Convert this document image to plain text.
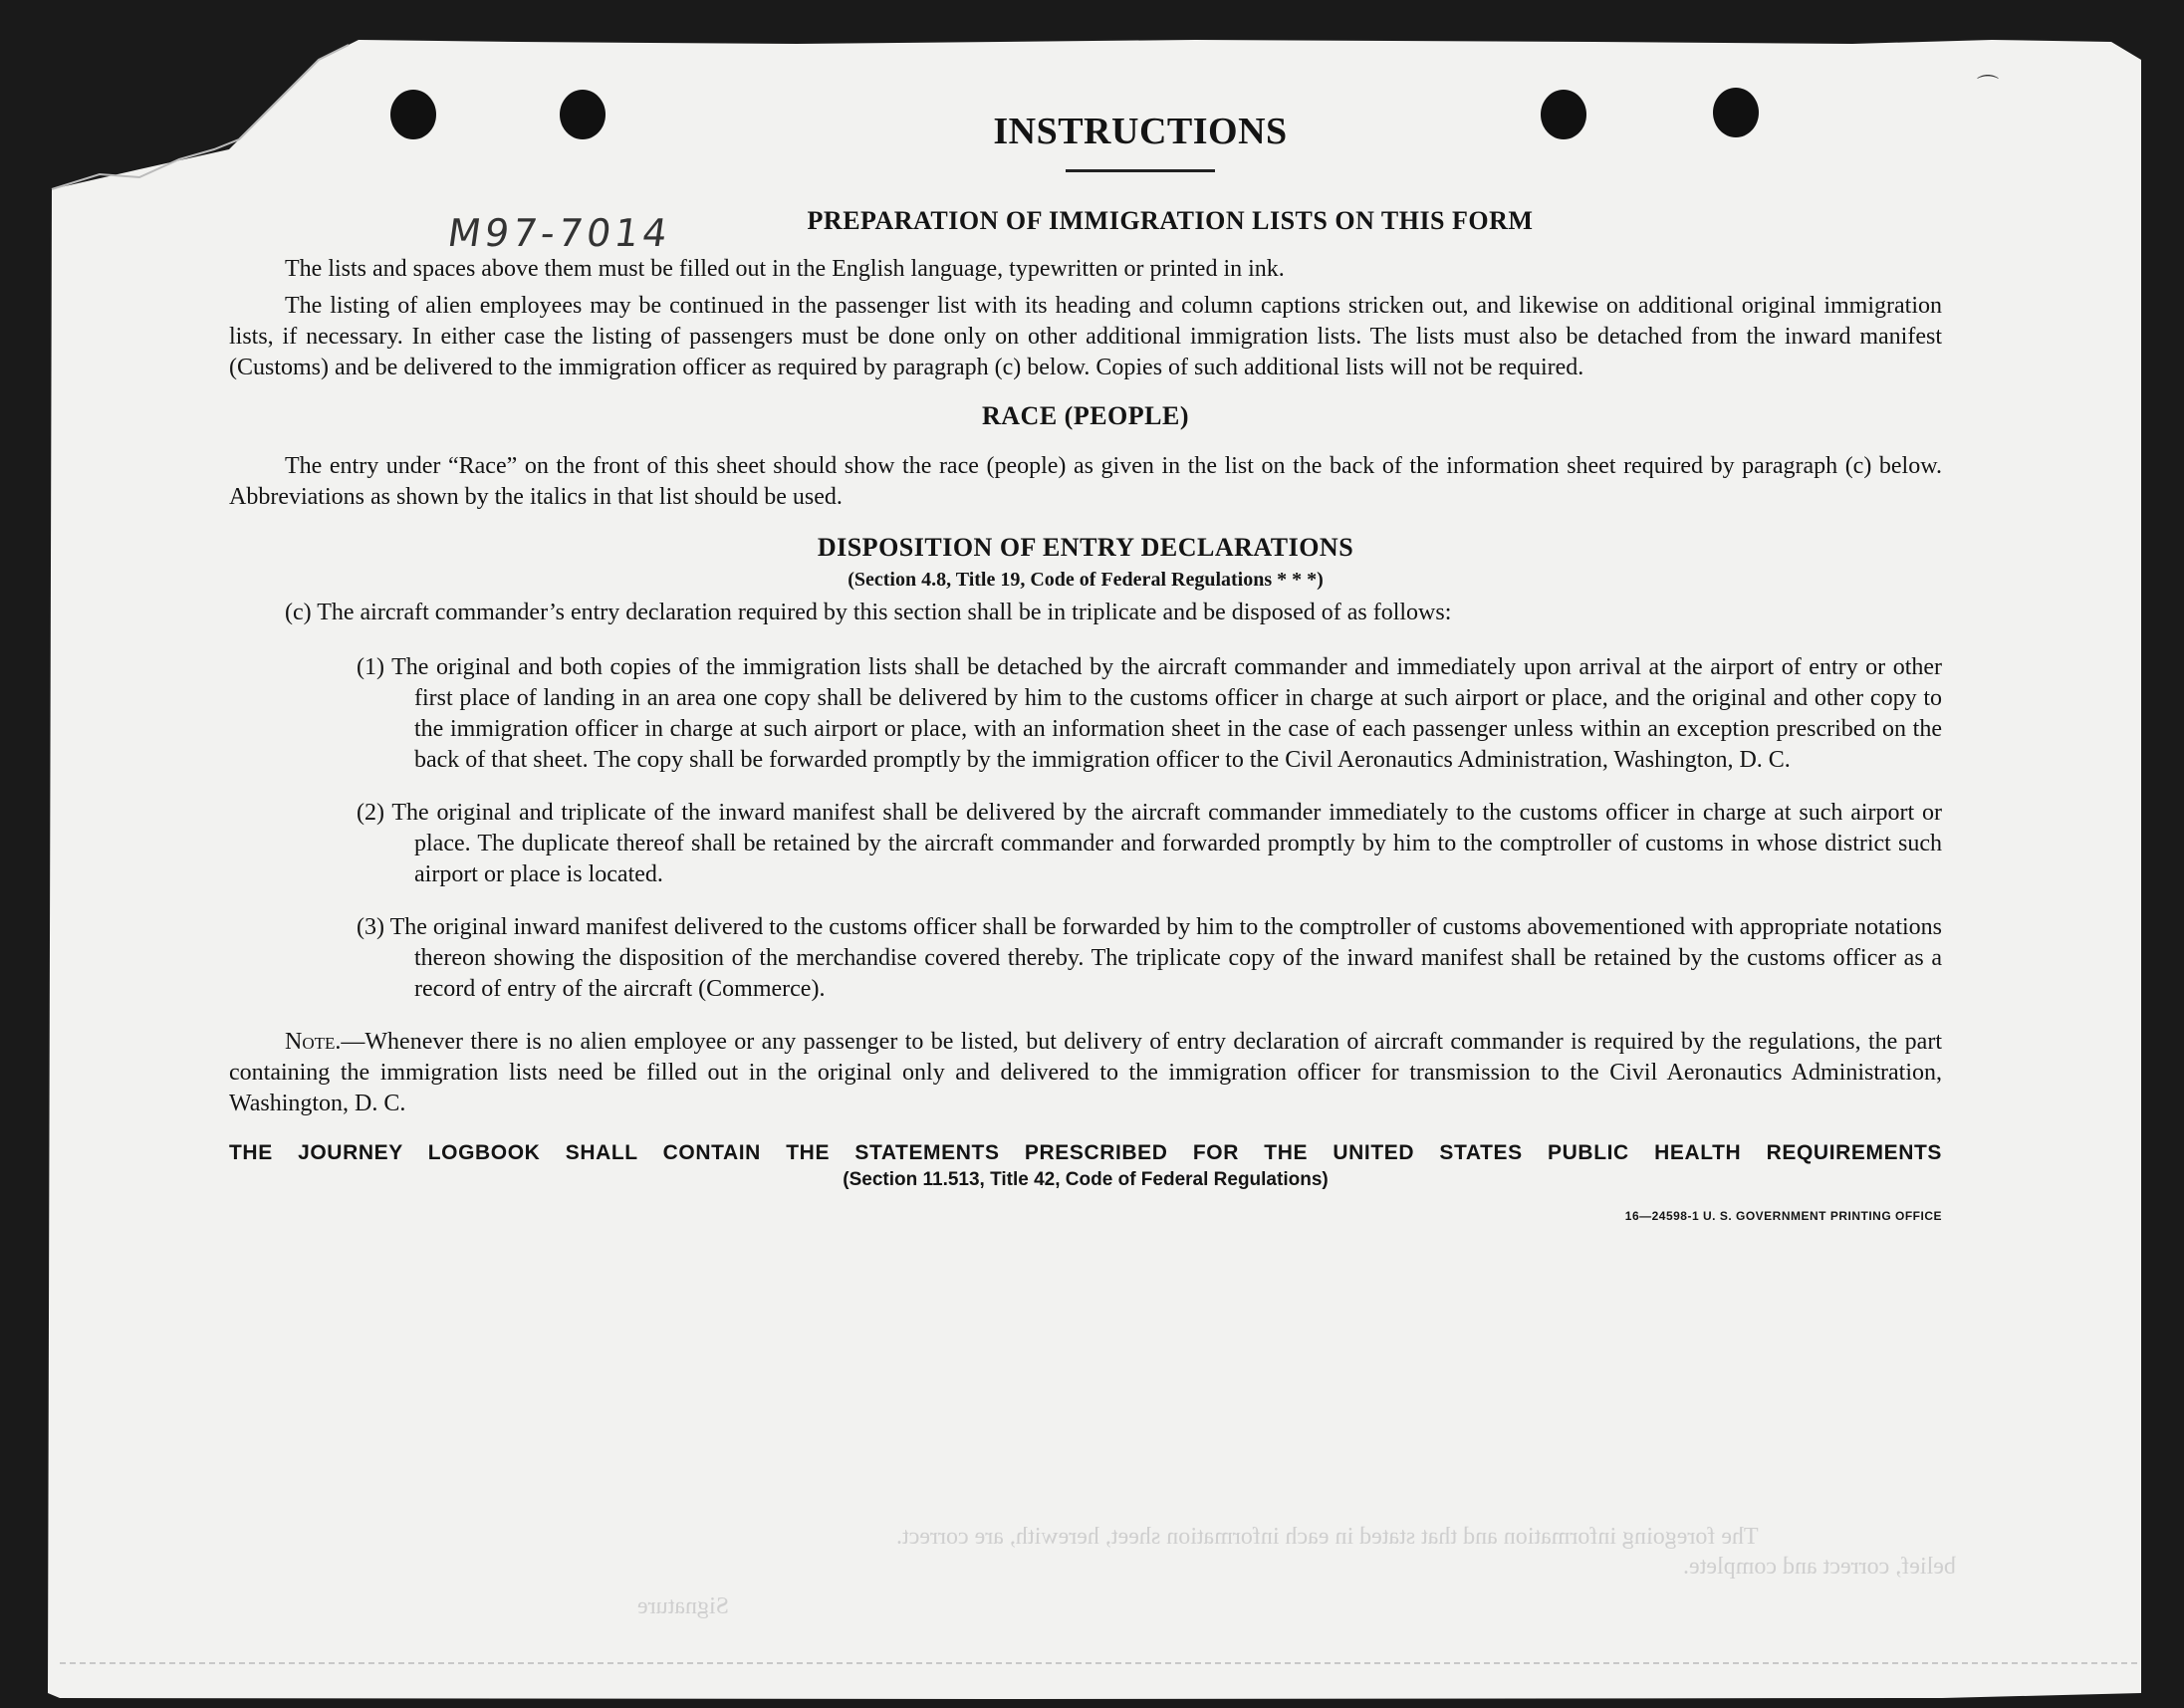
⌒
M97-7014
INSTRUCTIONS
PREPARATION OF IMMIGRATION LISTS ON THIS FORM

The lists and spaces above them must be filled out in the English language, typewritten or printed in ink.

The listing of alien employees may be continued in the passenger list with its heading and column captions stricken out, and likewise on additional original immigration lists, if necessary. In either case the listing of passengers must be done only on other additional immigration lists. The lists must also be detached from the inward manifest (Customs) and be delivered to the immigration officer as required by paragraph (c) below. Copies of such additional lists will not be required.

RACE (PEOPLE)

The entry under “Race” on the front of this sheet should show the race (people) as given in the list on the back of the information sheet required by paragraph (c) below. Abbreviations as shown by the italics in that list should be used.

DISPOSITION OF ENTRY DECLARATIONS

(Section 4.8, Title 19, Code of Federal Regulations * * *)

(c) The aircraft commander’s entry declaration required by this section shall be in triplicate and be disposed of as follows:

(1) The original and both copies of the immigration lists shall be detached by the aircraft commander and immediately upon arrival at the airport of entry or other first place of landing in an area one copy shall be delivered by him to the customs officer in charge at such airport or place, and the original and other copy to the immigration officer in charge at such airport or place, with an information sheet in the case of each passenger unless within an exception prescribed on the back of that sheet. The copy shall be forwarded promptly by the immigration officer to the Civil Aeronautics Administration, Washington, D. C.

(2) The original and triplicate of the inward manifest shall be delivered by the aircraft commander immediately to the customs officer in charge at such airport or place. The duplicate thereof shall be retained by the aircraft commander and forwarded promptly by him to the comptroller of customs in whose district such airport or place is located.

(3) The original inward manifest delivered to the customs officer shall be forwarded by him to the comptroller of customs abovementioned with appropriate notations thereon showing the disposition of the merchandise covered thereby. The triplicate copy of the inward manifest shall be retained by the customs officer as a record of entry of the aircraft (Commerce).

Note.—Whenever there is no alien employee or any passenger to be listed, but delivery of entry declaration of aircraft commander is required by the regulations, the part containing the immigration lists need be filled out in the original only and delivered to the immigration officer for transmission to the Civil Aeronautics Administration, Washington, D. C.

THE JOURNEY LOGBOOK SHALL CONTAIN THE STATEMENTS PRESCRIBED FOR THE UNITED STATES PUBLIC HEALTH REQUIREMENTS

(Section 11.513, Title 42, Code of Federal Regulations)

16—24598-1 U. S. GOVERNMENT PRINTING OFFICE
The foregoing information and that stated in each information sheet, herewith, are correct.
belief, correct and complete.
Signature
